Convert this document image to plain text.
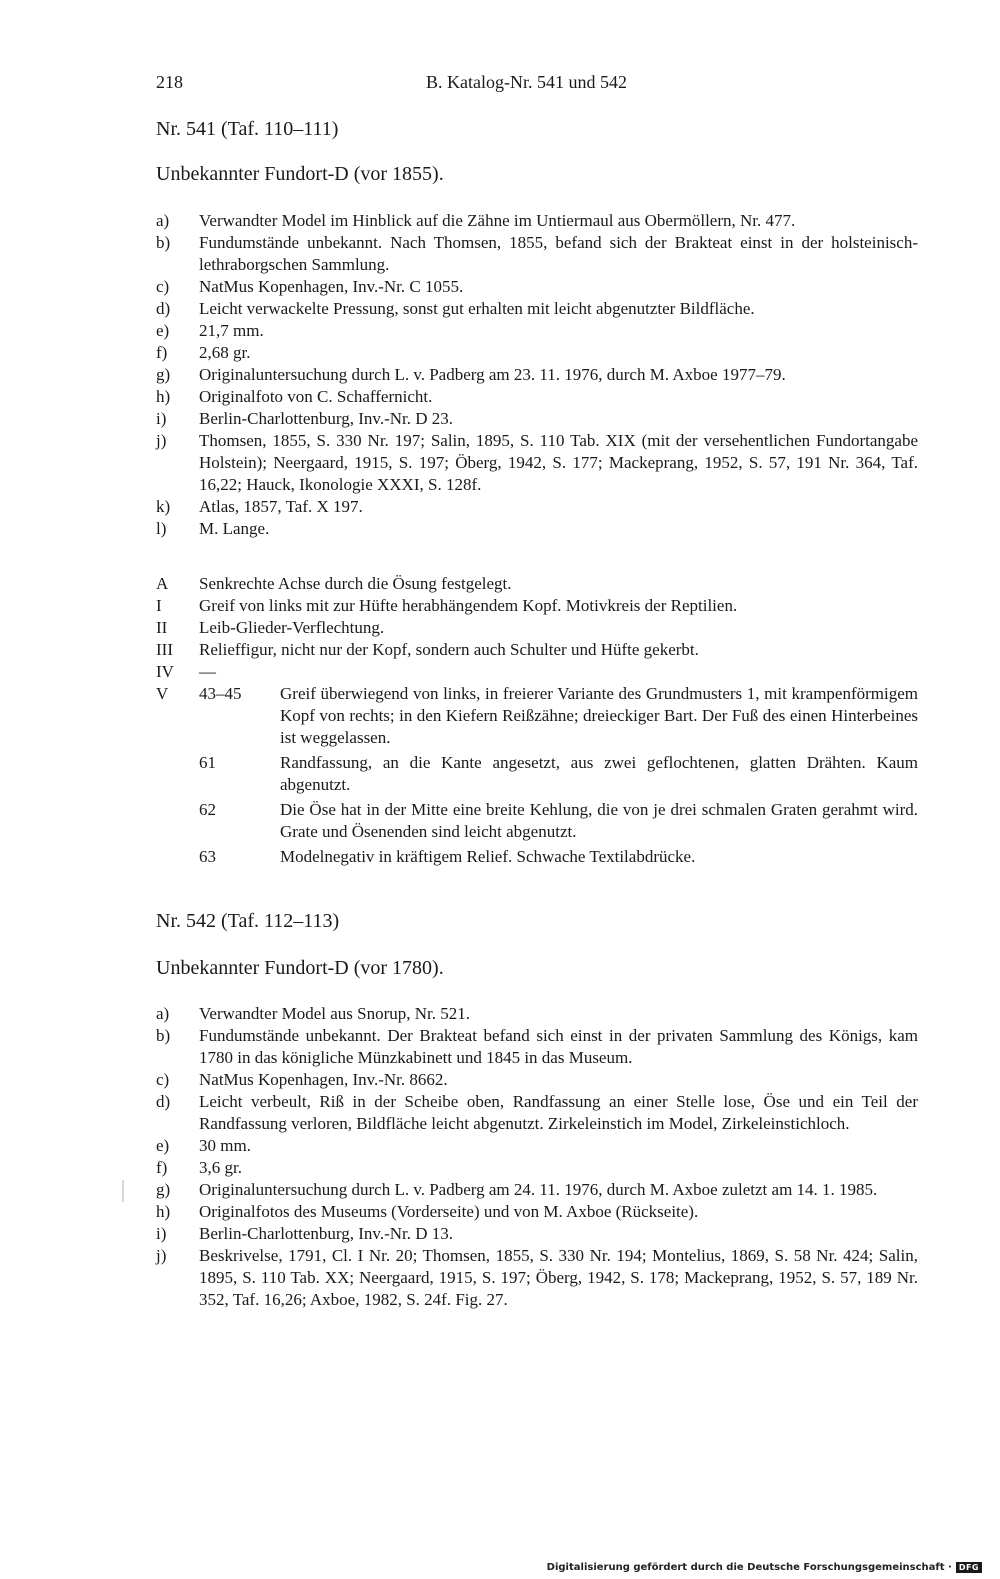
218	B. Katalog-Nr. 541 und 542
Nr. 541 (Taf. 110–111)
Unbekannter Fundort-D (vor 1855).
a) Verwandter Model im Hinblick auf die Zähne im Untiermaul aus Obermöllern, Nr. 477.
b) Fundumstände unbekannt. Nach Thomsen, 1855, befand sich der Brakteat einst in der holsteinisch-lethraborgschen Sammlung.
c) NatMus Kopenhagen, Inv.-Nr. C 1055.
d) Leicht verwackelte Pressung, sonst gut erhalten mit leicht abgenutzter Bildfläche.
e) 21,7 mm.
f) 2,68 gr.
g) Originaluntersuchung durch L. v. Padberg am 23. 11. 1976, durch M. Axboe 1977–79.
h) Originalfoto von C. Schaffernicht.
i) Berlin-Charlottenburg, Inv.-Nr. D 23.
j) Thomsen, 1855, S. 330 Nr. 197; Salin, 1895, S. 110 Tab. XIX (mit der versehentlichen Fundortangabe Holstein); Neergaard, 1915, S. 197; Öberg, 1942, S. 177; Mackeprang, 1952, S. 57, 191 Nr. 364, Taf. 16,22; Hauck, Ikonologie XXXI, S. 128f.
k) Atlas, 1857, Taf. X 197.
l) M. Lange.
A Senkrechte Achse durch die Ösung festgelegt.
I Greif von links mit zur Hüfte herabhängendem Kopf. Motivkreis der Reptilien.
II Leib-Glieder-Verflechtung.
III Relieffigur, nicht nur der Kopf, sondern auch Schulter und Hüfte gekerbt.
IV —
V 43–45 Greif überwiegend von links, in freierer Variante des Grundmusters 1, mit krampenförmigem Kopf von rechts; in den Kiefern Reißzähne; dreieckiger Bart. Der Fuß des einen Hinterbeines ist weggelassen.
61	Randfassung, an die Kante angesetzt, aus zwei geflochtenen, glatten Drähten. Kaum abgenutzt.
62	Die Öse hat in der Mitte eine breite Kehlung, die von je drei schmalen Graten gerahmt wird. Grate und Ösenenden sind leicht abgenutzt.
63	Modelnegativ in kräftigem Relief. Schwache Textilabdrücke.
Nr. 542 (Taf. 112–113)
Unbekannter Fundort-D (vor 1780).
a) Verwandter Model aus Snorup, Nr. 521.
b) Fundumstände unbekannt. Der Brakteat befand sich einst in der privaten Sammlung des Königs, kam 1780 in das königliche Münzkabinett und 1845 in das Museum.
c) NatMus Kopenhagen, Inv.-Nr. 8662.
d) Leicht verbeult, Riß in der Scheibe oben, Randfassung an einer Stelle lose, Öse und ein Teil der Randfassung verloren, Bildfläche leicht abgenutzt. Zirkeleinstich im Model, Zirkeleinstichloch.
e) 30 mm.
f) 3,6 gr.
g) Originaluntersuchung durch L. v. Padberg am 24. 11. 1976, durch M. Axboe zuletzt am 14. 1. 1985.
h) Originalfotos des Museums (Vorderseite) und von M. Axboe (Rückseite).
i) Berlin-Charlottenburg, Inv.-Nr. D 13.
j) Beskrivelse, 1791, Cl. I Nr. 20; Thomsen, 1855, S. 330 Nr. 194; Montelius, 1869, S. 58 Nr. 424; Salin, 1895, S. 110 Tab. XX; Neergaard, 1915, S. 197; Öberg, 1942, S. 178; Mackeprang, 1952, S. 57, 189 Nr. 352, Taf. 16,26; Axboe, 1982, S. 24f. Fig. 27.
Digitalisierung gefördert durch die Deutsche Forschungsgemeinschaft · DFG
